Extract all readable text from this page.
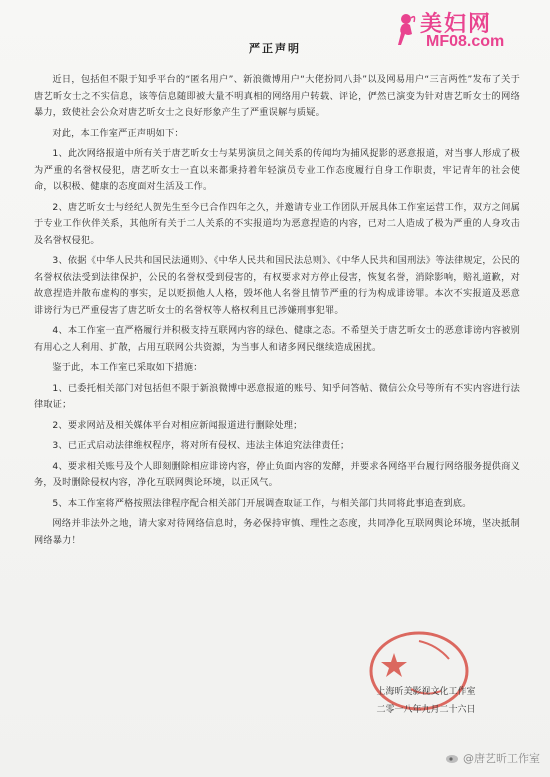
美妇网
MF08.com
严正声明

近日，包括但不限于知乎平台的“匿名用户”、新浪微博用户“大佬扮同八卦”以及网易用户“三言两性”发布了关于唐艺昕女士之不实信息，该等信息随即被大量不明真相的网络用户转载、评论，俨然已演变为针对唐艺昕女士的网络暴力，致使社会公众对唐艺昕女士之良好形象产生了严重误解与质疑。

对此，本工作室严正声明如下：

1、此次网络报道中所有关于唐艺昕女士与某男演员之间关系的传闻均为捕风捉影的恶意报道，对当事人形成了极为严重的名誉权侵犯，唐艺昕女士一直以来都秉持着年轻演员专业工作态度履行自身工作职责，牢记青年的社会使命，以积极、健康的态度面对生活及工作。

2、唐艺昕女士与经纪人贺先生至今已合作四年之久，并邀请专业工作团队开展具体工作室运营工作，双方之间属于专业工作伙伴关系，其他所有关于二人关系的不实报道均为恶意捏造的内容，已对二人造成了极为严重的人身攻击及名誉权侵犯。

3、依据《中华人民共和国民法通则》、《中华人民共和国民法总则》、《中华人民共和国刑法》等法律规定，公民的名誉权依法受到法律保护，公民的名誉权受到侵害的，有权要求对方停止侵害，恢复名誉，消除影响，赔礼道歉，对故意捏造并散布虚构的事实，足以贬损他人人格，毁坏他人名誉且情节严重的行为构成诽谤罪。本次不实报道及恶意诽谤行为已严重侵害了唐艺昕女士的名誉权等人格权利且已涉嫌刑事犯罪。

4、本工作室一直严格履行并积极支持互联网内容的绿色、健康之态。不希望关于唐艺昕女士的恶意诽谤内容被别有用心之人利用、扩散，占用互联网公共资源，为当事人和诸多网民继续造成困扰。

鉴于此，本工作室已采取如下措施：

1、已委托相关部门对包括但不限于新浪微博中恶意报道的账号、知乎问答帖、微信公众号等所有不实内容进行法律取证；

2、要求网站及相关媒体平台对相应新闻报道进行删除处理；

3、已正式启动法律维权程序，将对所有侵权、违法主体追究法律责任；

4、要求相关账号及个人即刻删除相应诽谤内容，停止负面内容的发酵，并要求各网络平台履行网络服务提供商义务，及时删除侵权内容，净化互联网舆论环境，以正风气。

5、本工作室将严格按照法律程序配合相关部门开展调查取证工作，与相关部门共同将此事追查到底。

网络并非法外之地，请大家对待网络信息时，务必保持审慎、理性之态度，共同净化互联网舆论环境，坚决抵制网络暴力！

上海昕美影视文化工作室
二零一八年九月二十六日
@唐艺昕工作室
